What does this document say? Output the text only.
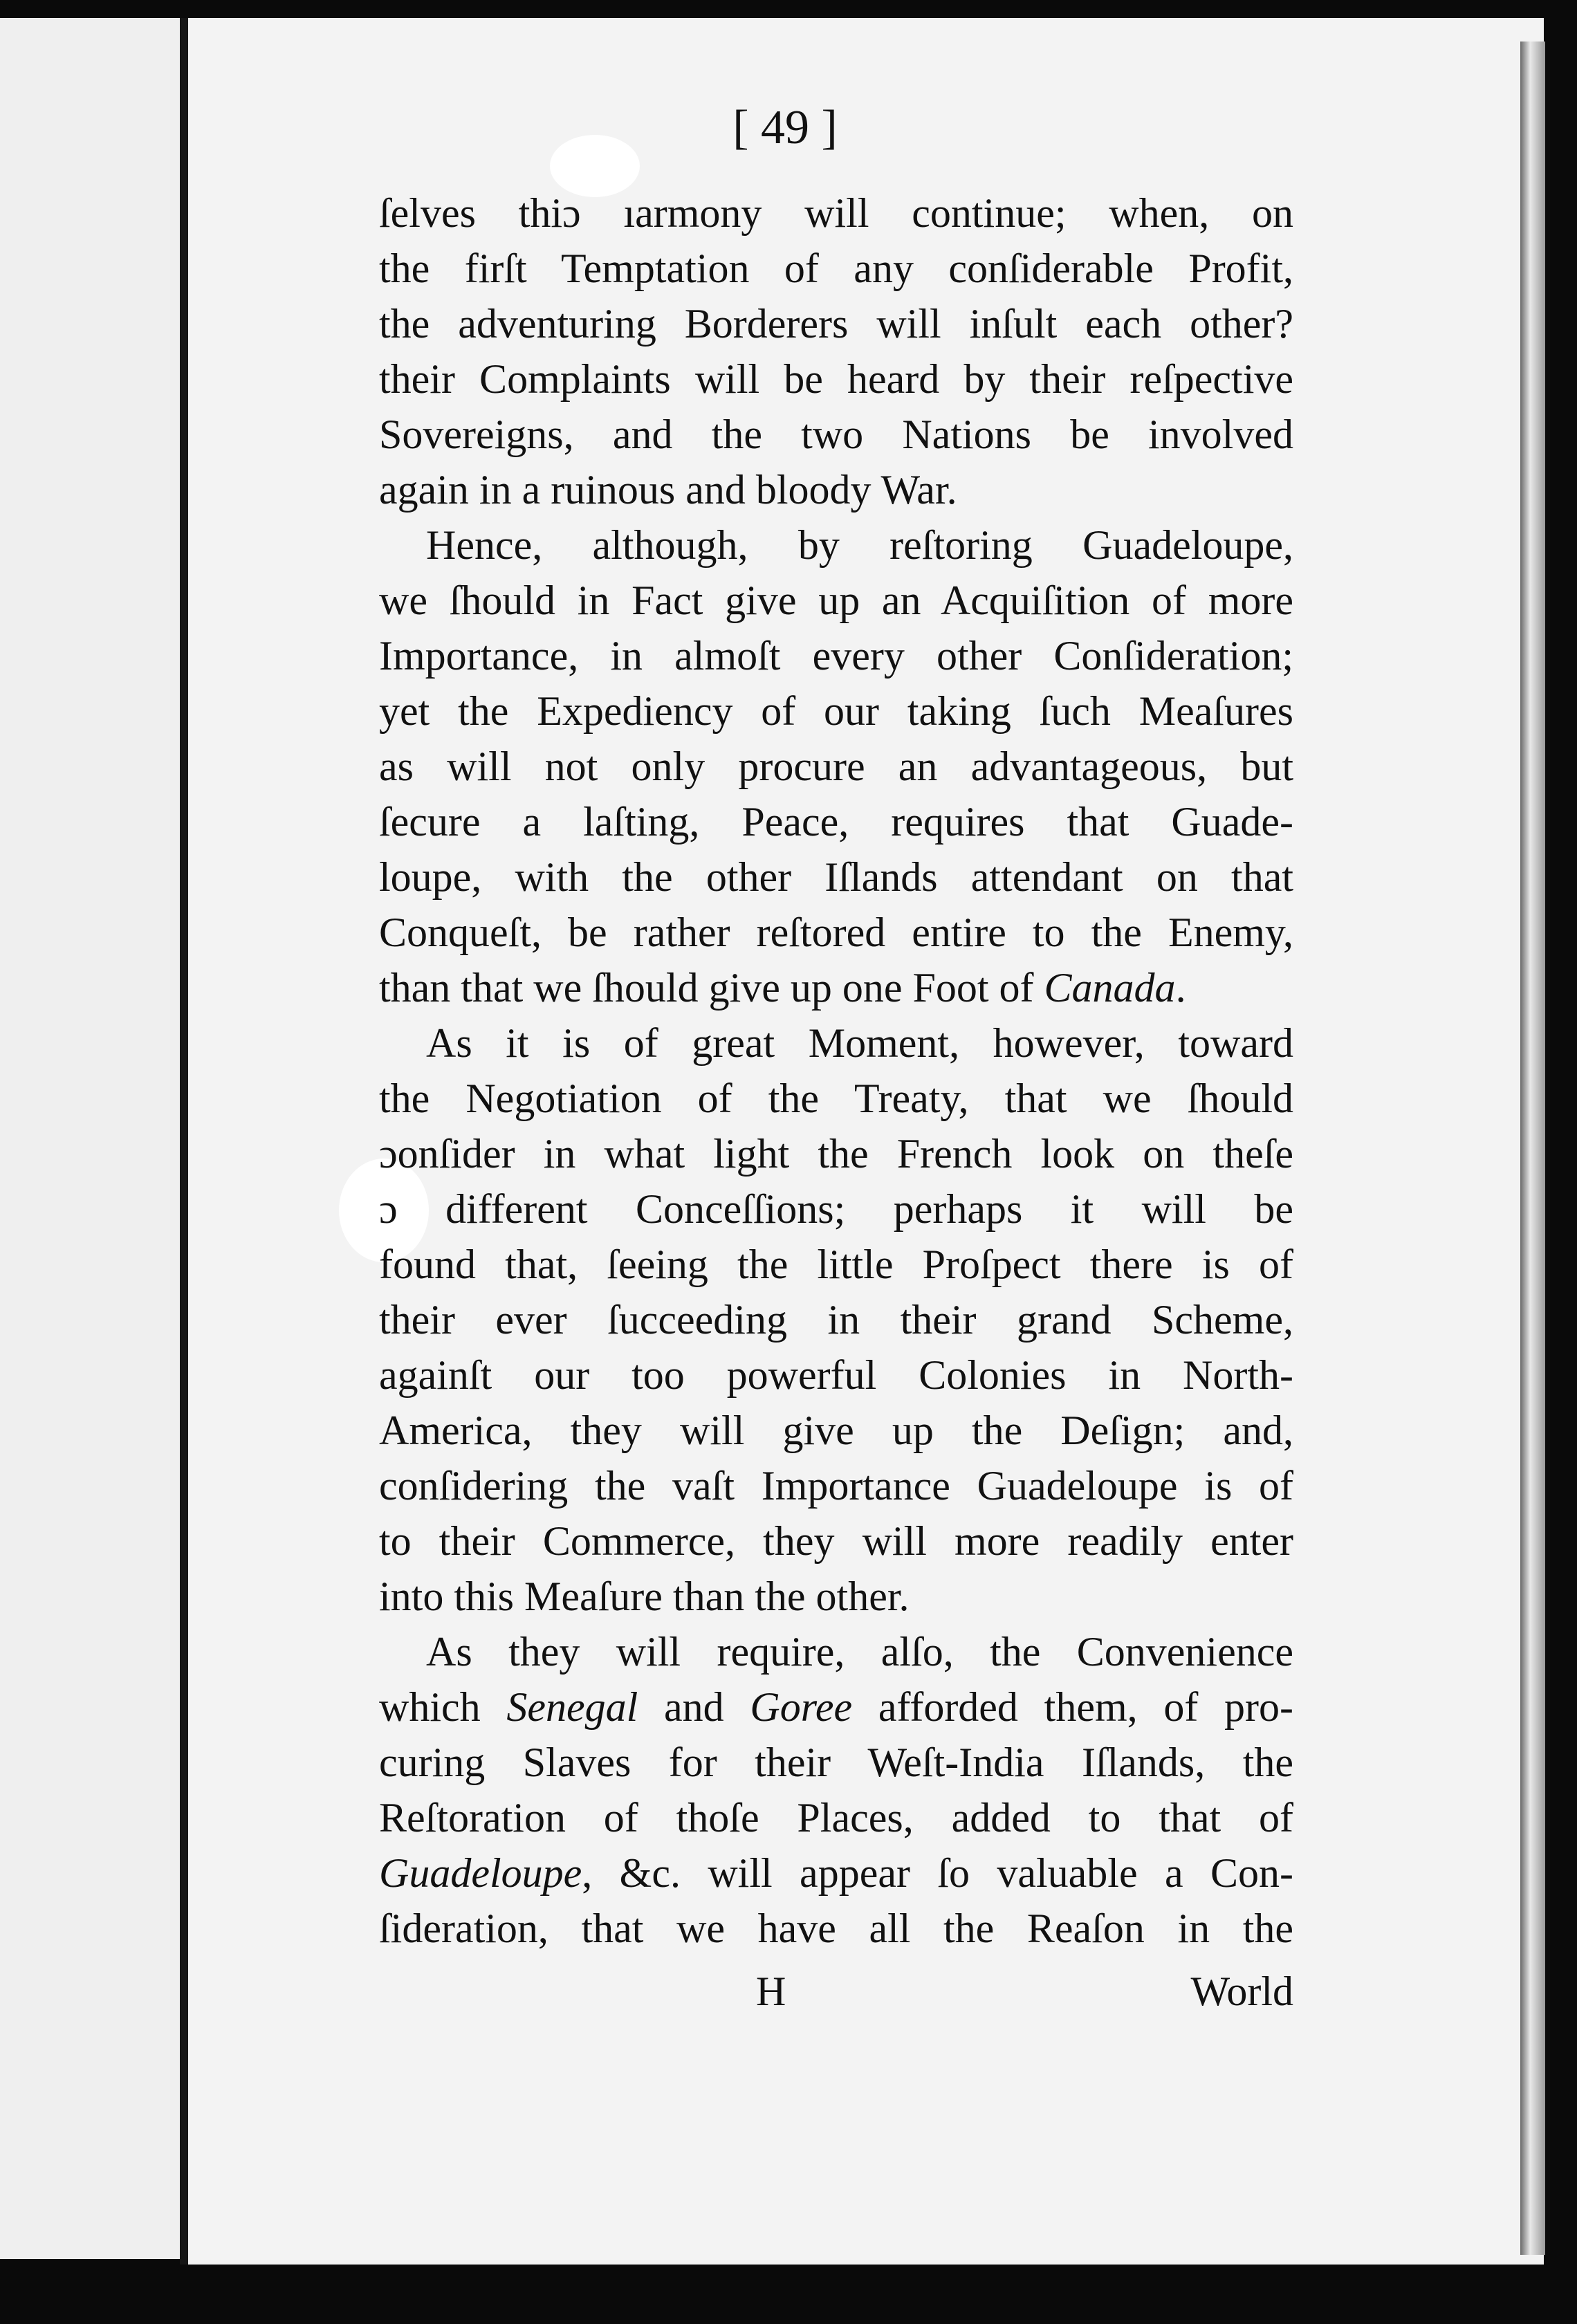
[ 49 ]
ſelves thiɔ ıarmony will continue; when, on
the firſt Temptation of any conſiderable Profit,
the adventuring Borderers will inſult each other?
their Complaints will be heard by their reſpective
Sovereigns, and the two Nations be involved
again in a ruinous and bloody War.
Hence, although, by reſtoring Guadeloupe,
we ſhould in Fact give up an Acquiſition of more
Importance, in almoſt every other Conſideration;
yet the Expediency of our taking ſuch Meaſures
as will not only procure an advantageous, but
ſecure a laſting, Peace, requires that Guade-
loupe, with the other Iſlands attendant on that
Conqueſt, be rather reſtored entire to the Enemy,
than that we ſhould give up one Foot of Canada.
As it is of great Moment, however, toward
the Negotiation of the Treaty, that we ſhould
ɔonſider in what light the French look on theſe
ɔ different Conceſſions; perhaps it will be
found that, ſeeing the little Proſpect there is of
their ever ſucceeding in their grand Scheme,
againſt our too powerful Colonies in North-
America, they will give up the Deſign; and,
conſidering the vaſt Importance Guadeloupe is of
to their Commerce, they will more readily enter
into this Meaſure than the other.
As they will require, alſo, the Convenience
which Senegal and Goree afforded them, of pro-
curing Slaves for their Weſt-India Iſlands, the
Reſtoration of thoſe Places, added to that of
Guadeloupe, &c. will appear ſo valuable a Con-
ſideration, that we have all the Reaſon in the
H	World
